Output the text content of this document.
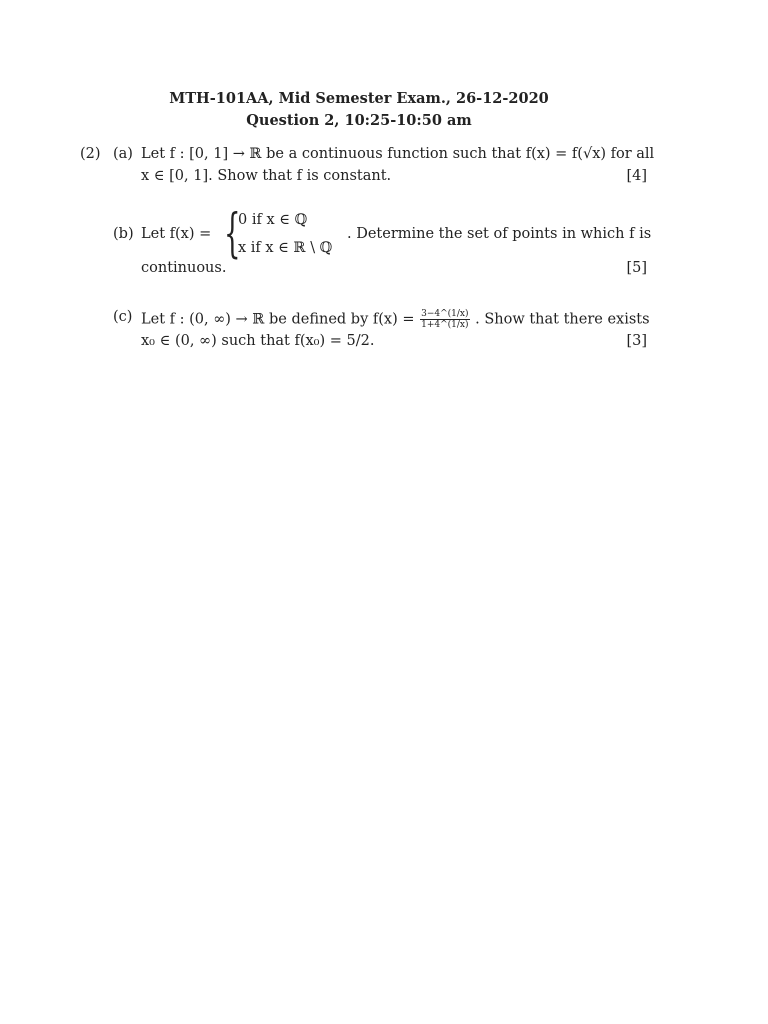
MTH-101AA, Mid Semester Exam., 26-12-2020
Question 2, 10:25-10:50 am
(2) (a) Let f : [0, 1] → ℝ be a continuous function such that f(x) = f(√x) for all
x ∈ [0, 1]. Show that f is constant.	[4]
(b) Let f(x) = {
0 if x ∈ ℚ
x if x ∈ ℝ \ ℚ
. Determine the set of points in which f is
continuous.	[5]
(c) Let f : (0, ∞) → ℝ be defined by $f(x) = \frac{3-4\^{}(1/x)}{1+4\^{}(1/x)}$ . Show that there exists
x₀ ∈ (0, ∞) such that f(x₀) = 5/2.	[3]
